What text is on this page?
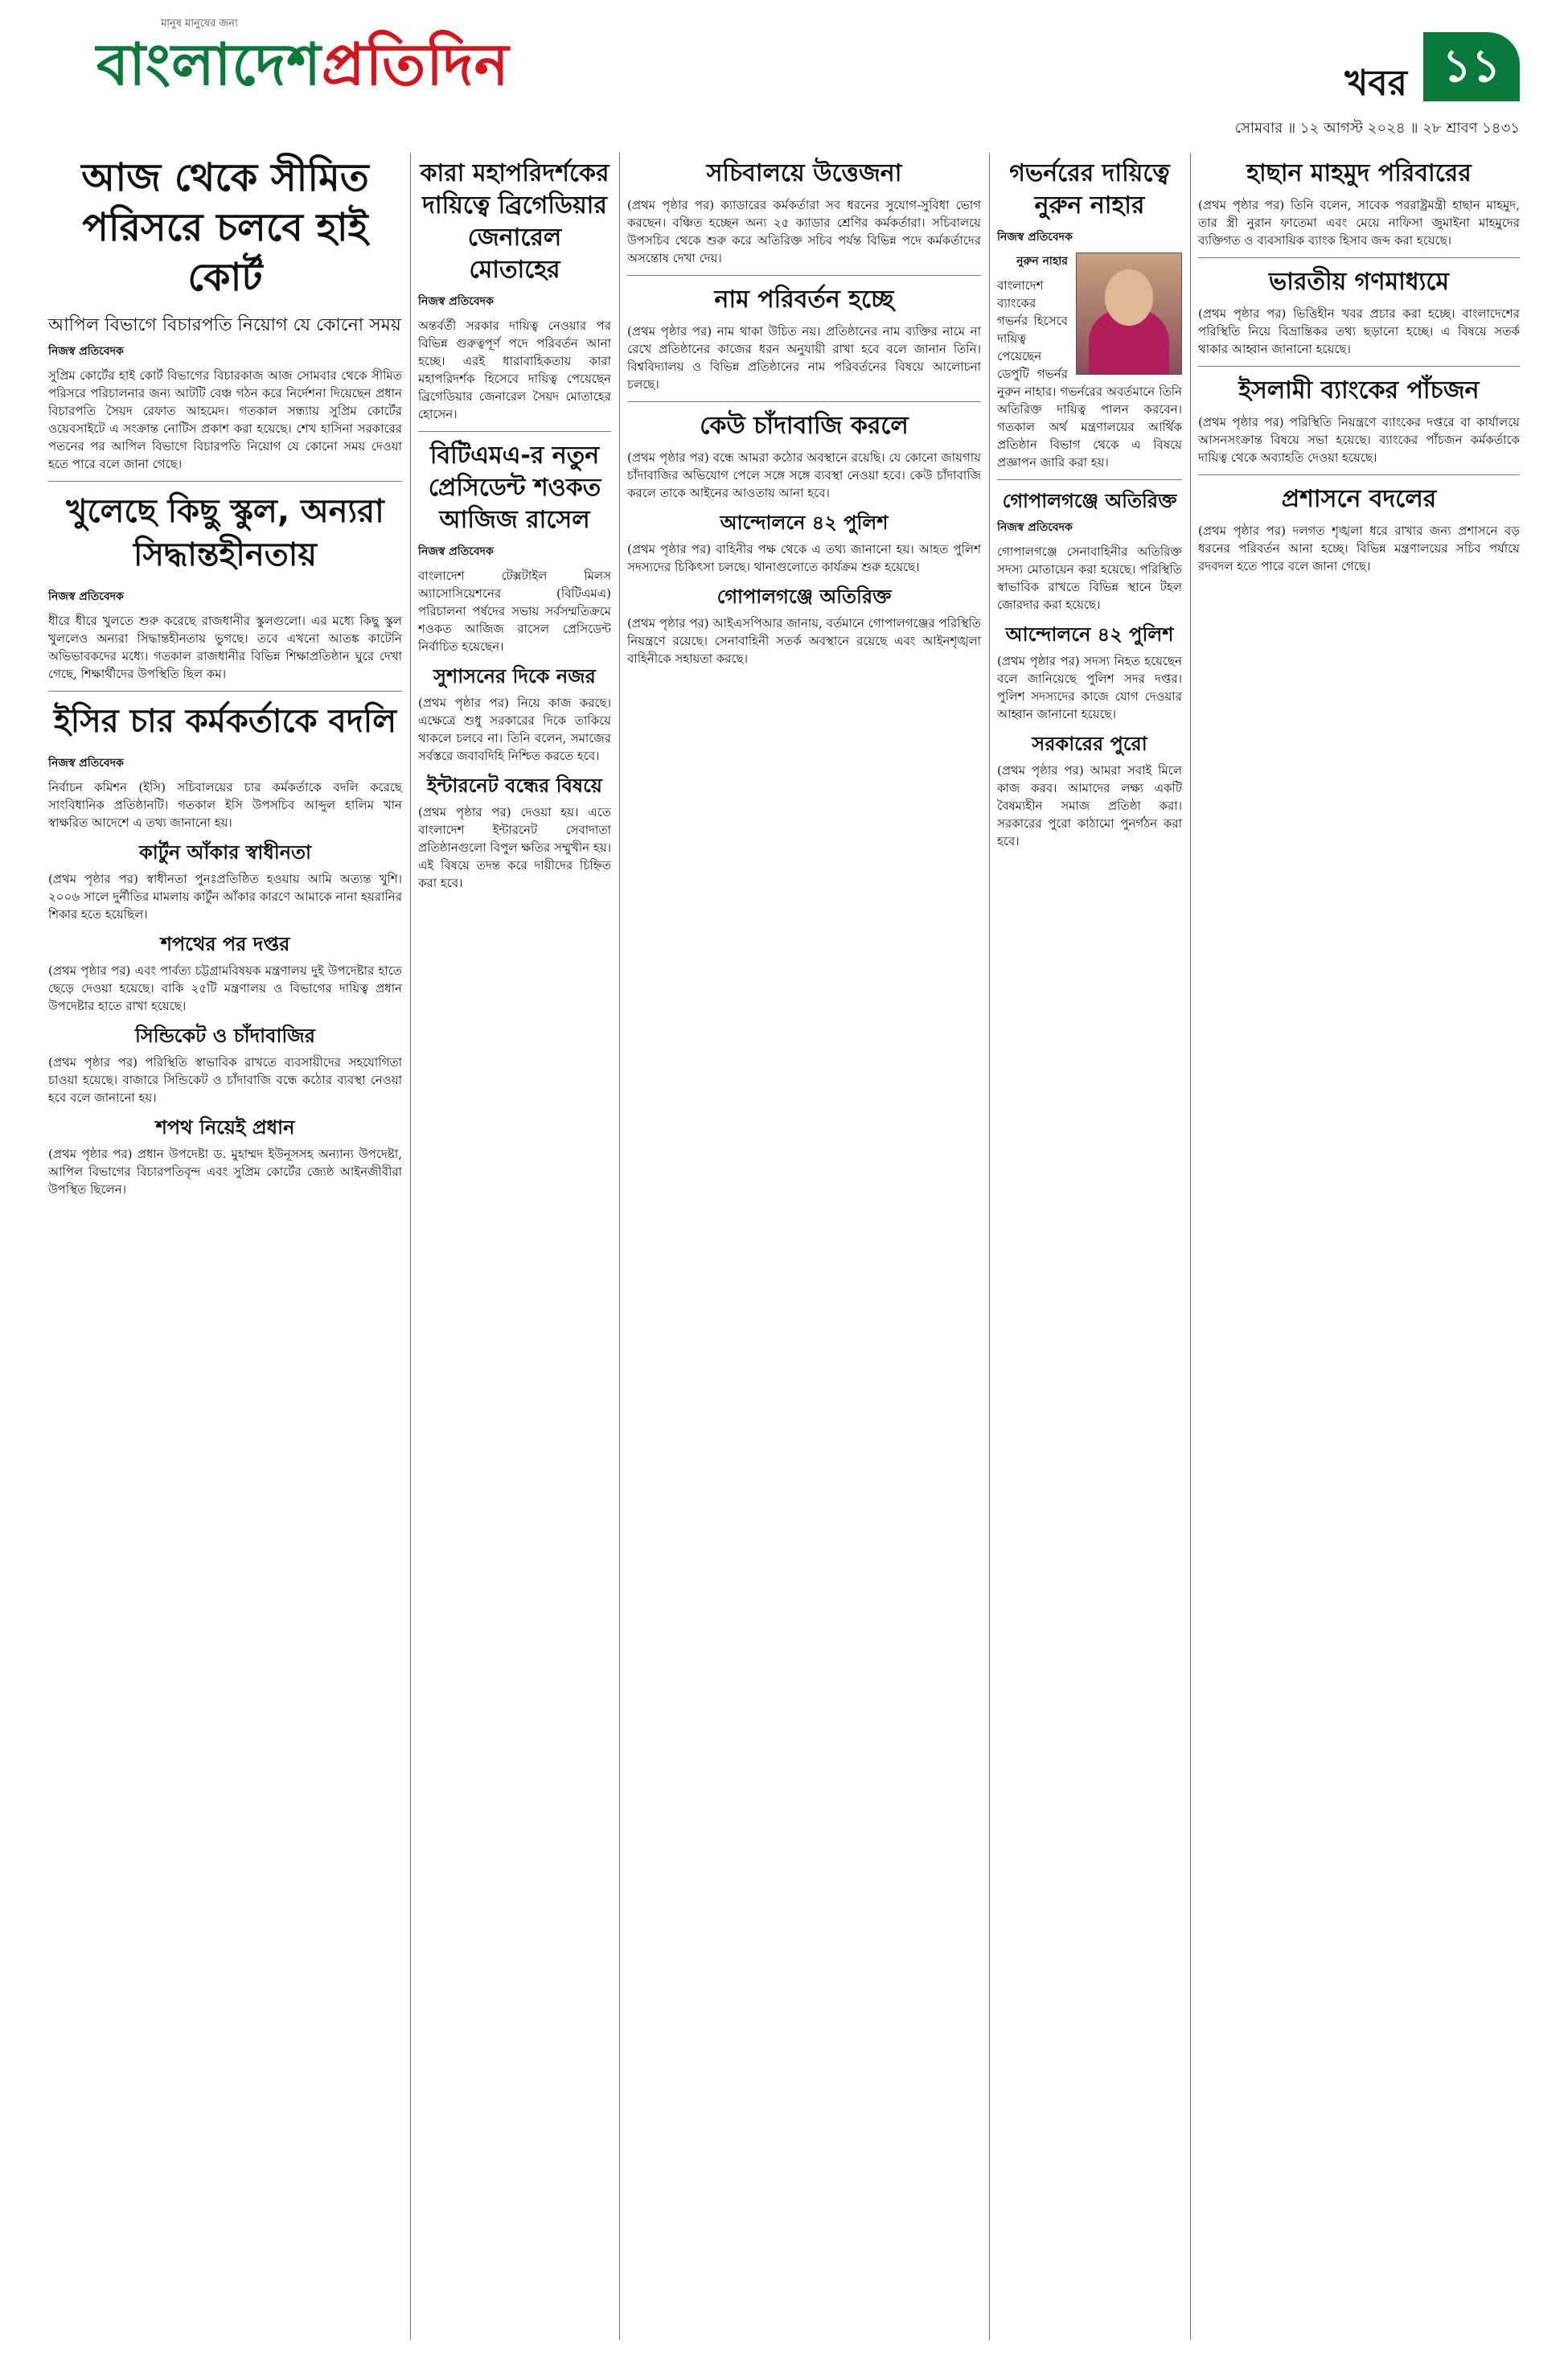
মানুষ মানুষের জন্য
বাংলাদেশপ্রতিদিন	খবর ১১
সোমবার ॥ ১২ আগস্ট ২০২৪ ॥ ২৮ শ্রাবণ ১৪৩১
আজ থেকে সীমিত পরিসরে চলবে হাই কোর্ট
আপিল বিভাগে বিচারপতি নিয়োগ যে কোনো সময়
নিজস্ব প্রতিবেদক

সুপ্রিম কোর্টের হাই কোর্ট বিভাগের বিচারকাজ আজ সোমবার থেকে সীমিত পরিসরে পরিচালনার জন্য আটটি বেঞ্চ গঠন করে নির্দেশনা দিয়েছেন প্রধান বিচারপতি সৈয়দ রেফাত আহমেদ। গতকাল সন্ধ্যায় সুপ্রিম কোর্টের ওয়েবসাইটে এ সংক্রান্ত নোটিস প্রকাশ করা হয়েছে। শেখ হাসিনা সরকারের পতনের পর আপিল বিভাগে বিচারপতি নিয়োগ যে কোনো সময় দেওয়া হতে পারে বলে জানা গেছে।

খুলেছে কিছু স্কুল, অন্যরা সিদ্ধান্তহীনতায়
নিজস্ব প্রতিবেদক

ধীরে ধীরে খুলতে শুরু করেছে রাজধানীর স্কুলগুলো। এর মধ্যে কিছু স্কুল খুললেও অন্যরা সিদ্ধান্তহীনতায় ভুগছে। তবে এখনো আতঙ্ক কাটেনি অভিভাবকদের মধ্যে। গতকাল রাজধানীর বিভিন্ন শিক্ষাপ্রতিষ্ঠান ঘুরে দেখা গেছে, শিক্ষার্থীদের উপস্থিতি ছিল কম।

ইসির চার কর্মকর্তাকে বদলি
নিজস্ব প্রতিবেদক

নির্বাচন কমিশন (ইসি) সচিবালয়ের চার কর্মকর্তাকে বদলি করেছে সাংবিধানিক প্রতিষ্ঠানটি। গতকাল ইসি উপসচিব আব্দুল হালিম খান স্বাক্ষরিত আদেশে এ তথ্য জানানো হয়।

কার্টুন আঁকার স্বাধীনতা

(প্রথম পৃষ্ঠার পর) স্বাধীনতা পুনঃপ্রতিষ্ঠিত হওয়ায় আমি অত্যন্ত খুশি। ২০০৬ সালে দুর্নীতির মামলায় কার্টুন আঁকার কারণে আমাকে নানা হয়রানির শিকার হতে হয়েছিল।

শপথের পর দপ্তর

(প্রথম পৃষ্ঠার পর) এবং পার্বত্য চট্টগ্রামবিষয়ক মন্ত্রণালয় দুই উপদেষ্টার হাতে ছেড়ে দেওয়া হয়েছে। বাকি ২৫টি মন্ত্রণালয় ও বিভাগের দায়িত্ব প্রধান উপদেষ্টার হাতে রাখা হয়েছে।

সিন্ডিকেট ও চাঁদাবাজির

(প্রথম পৃষ্ঠার পর) পরিস্থিতি স্বাভাবিক রাখতে ব্যবসায়ীদের সহযোগিতা চাওয়া হয়েছে। বাজারে সিন্ডিকেট ও চাঁদাবাজি বন্ধে কঠোর ব্যবস্থা নেওয়া হবে বলে জানানো হয়।

শপথ নিয়েই প্রধান

(প্রথম পৃষ্ঠার পর) প্রধান উপদেষ্টা ড. মুহাম্মদ ইউনূসসহ অন্যান্য উপদেষ্টা, আপিল বিভাগের বিচারপতিবৃন্দ এবং সুপ্রিম কোর্টের জ্যেষ্ঠ আইনজীবীরা উপস্থিত ছিলেন।

কারা মহাপরিদর্শকের দায়িত্বে ব্রিগেডিয়ার জেনারেল মোতাহের
নিজস্ব প্রতিবেদক

অন্তর্বর্তী সরকার দায়িত্ব নেওয়ার পর বিভিন্ন গুরুত্বপূর্ণ পদে পরিবর্তন আনা হচ্ছে। এরই ধারাবাহিকতায় কারা মহাপরিদর্শক হিসেবে দায়িত্ব পেয়েছেন ব্রিগেডিয়ার জেনারেল সৈয়দ মোতাহের হোসেন।

বিটিএমএ-র নতুন প্রেসিডেন্ট শওকত আজিজ রাসেল
নিজস্ব প্রতিবেদক

বাংলাদেশ টেক্সটাইল মিলস অ্যাসোসিয়েশনের (বিটিএমএ) পরিচালনা পর্ষদের সভায় সর্বসম্মতিক্রমে শওকত আজিজ রাসেল প্রেসিডেন্ট নির্বাচিত হয়েছেন।

সুশাসনের দিকে নজর

(প্রথম পৃষ্ঠার পর) নিয়ে কাজ করছে। এক্ষেত্রে শুধু সরকারের দিকে তাকিয়ে থাকলে চলবে না। তিনি বলেন, সমাজের সর্বস্তরে জবাবদিহি নিশ্চিত করতে হবে।

ইন্টারনেট বন্ধের বিষয়ে

(প্রথম পৃষ্ঠার পর) দেওয়া হয়। এতে বাংলাদেশ ইন্টারনেট সেবাদাতা প্রতিষ্ঠানগুলো বিপুল ক্ষতির সম্মুখীন হয়। এই বিষয়ে তদন্ত করে দায়ীদের চিহ্নিত করা হবে।

সচিবালয়ে উত্তেজনা

(প্রথম পৃষ্ঠার পর) ক্যাডারের কর্মকর্তারা সব ধরনের সুযোগ-সুবিধা ভোগ করছেন। বঞ্চিত হচ্ছেন অন্য ২৫ ক্যাডার শ্রেণির কর্মকর্তারা। সচিবালয়ে উপসচিব থেকে শুরু করে অতিরিক্ত সচিব পর্যন্ত বিভিন্ন পদে কর্মকর্তাদের অসন্তোষ দেখা দেয়।

নাম পরিবর্তন হচ্ছে

(প্রথম পৃষ্ঠার পর) নাম থাকা উচিত নয়। প্রতিষ্ঠানের নাম ব্যক্তির নামে না রেখে প্রতিষ্ঠানের কাজের ধরন অনুযায়ী রাখা হবে বলে জানান তিনি। বিশ্ববিদ্যালয় ও বিভিন্ন প্রতিষ্ঠানের নাম পরিবর্তনের বিষয়ে আলোচনা চলছে।

কেউ চাঁদাবাজি করলে

(প্রথম পৃষ্ঠার পর) বন্ধে আমরা কঠোর অবস্থানে রয়েছি। যে কোনো জায়গায় চাঁদাবাজির অভিযোগ পেলে সঙ্গে সঙ্গে ব্যবস্থা নেওয়া হবে। কেউ চাঁদাবাজি করলে তাকে আইনের আওতায় আনা হবে।

আন্দোলনে ৪২ পুলিশ

(প্রথম পৃষ্ঠার পর) বাহিনীর পক্ষ থেকে এ তথ্য জানানো হয়। আহত পুলিশ সদস্যদের চিকিৎসা চলছে। থানাগুলোতে কার্যক্রম শুরু হয়েছে।

গোপালগঞ্জে অতিরিক্ত

(প্রথম পৃষ্ঠার পর) আইএসপিআর জানায়, বর্তমানে গোপালগঞ্জের পরিস্থিতি নিয়ন্ত্রণে রয়েছে। সেনাবাহিনী সতর্ক অবস্থানে রয়েছে এবং আইনশৃঙ্খলা বাহিনীকে সহায়তা করছে।

গভর্নরের দায়িত্বে নুরুন নাহার
নিজস্ব প্রতিবেদক
নুরুন নাহার

বাংলাদেশ ব্যাংকের গভর্নর হিসেবে দায়িত্ব পেয়েছেন ডেপুটি গভর্নর নুরুন নাহার। গভর্নরের অবর্তমানে তিনি অতিরিক্ত দায়িত্ব পালন করবেন। গতকাল অর্থ মন্ত্রণালয়ের আর্থিক প্রতিষ্ঠান বিভাগ থেকে এ বিষয়ে প্রজ্ঞাপন জারি করা হয়।

গোপালগঞ্জে অতিরিক্ত
নিজস্ব প্রতিবেদক

গোপালগঞ্জে সেনাবাহিনীর অতিরিক্ত সদস্য মোতায়েন করা হয়েছে। পরিস্থিতি স্বাভাবিক রাখতে বিভিন্ন স্থানে টহল জোরদার করা হয়েছে।

আন্দোলনে ৪২ পুলিশ

(প্রথম পৃষ্ঠার পর) সদস্য নিহত হয়েছেন বলে জানিয়েছে পুলিশ সদর দপ্তর। পুলিশ সদস্যদের কাজে যোগ দেওয়ার আহ্বান জানানো হয়েছে।

সরকারের পুরো

(প্রথম পৃষ্ঠার পর) আমরা সবাই মিলে কাজ করব। আমাদের লক্ষ্য একটি বৈষম্যহীন সমাজ প্রতিষ্ঠা করা। সরকারের পুরো কাঠামো পুনর্গঠন করা হবে।

হাছান মাহমুদ পরিবারের

(প্রথম পৃষ্ঠার পর) তিনি বলেন, সাবেক পররাষ্ট্রমন্ত্রী হাছান মাহমুদ, তার স্ত্রী নুরান ফাতেমা এবং মেয়ে নাফিসা জুমাইনা মাহমুদের ব্যক্তিগত ও ব্যবসায়িক ব্যাংক হিসাব জব্দ করা হয়েছে।

ভারতীয় গণমাধ্যমে

(প্রথম পৃষ্ঠার পর) ভিত্তিহীন খবর প্রচার করা হচ্ছে। বাংলাদেশের পরিস্থিতি নিয়ে বিভ্রান্তিকর তথ্য ছড়ানো হচ্ছে। এ বিষয়ে সতর্ক থাকার আহ্বান জানানো হয়েছে।

ইসলামী ব্যাংকের পাঁচজন

(প্রথম পৃষ্ঠার পর) পরিস্থিতি নিয়ন্ত্রণে ব্যাংকের দপ্তরে বা কার্যালয়ে আসনসংক্রান্ত বিষয়ে সভা হয়েছে। ব্যাংকের পাঁচজন কর্মকর্তাকে দায়িত্ব থেকে অব্যাহতি দেওয়া হয়েছে।

প্রশাসনে বদলের

(প্রথম পৃষ্ঠার পর) দলগত শৃঙ্খলা ধরে রাখার জন্য প্রশাসনে বড় ধরনের পরিবর্তন আনা হচ্ছে। বিভিন্ন মন্ত্রণালয়ের সচিব পর্যায়ে রদবদল হতে পারে বলে জানা গেছে।
